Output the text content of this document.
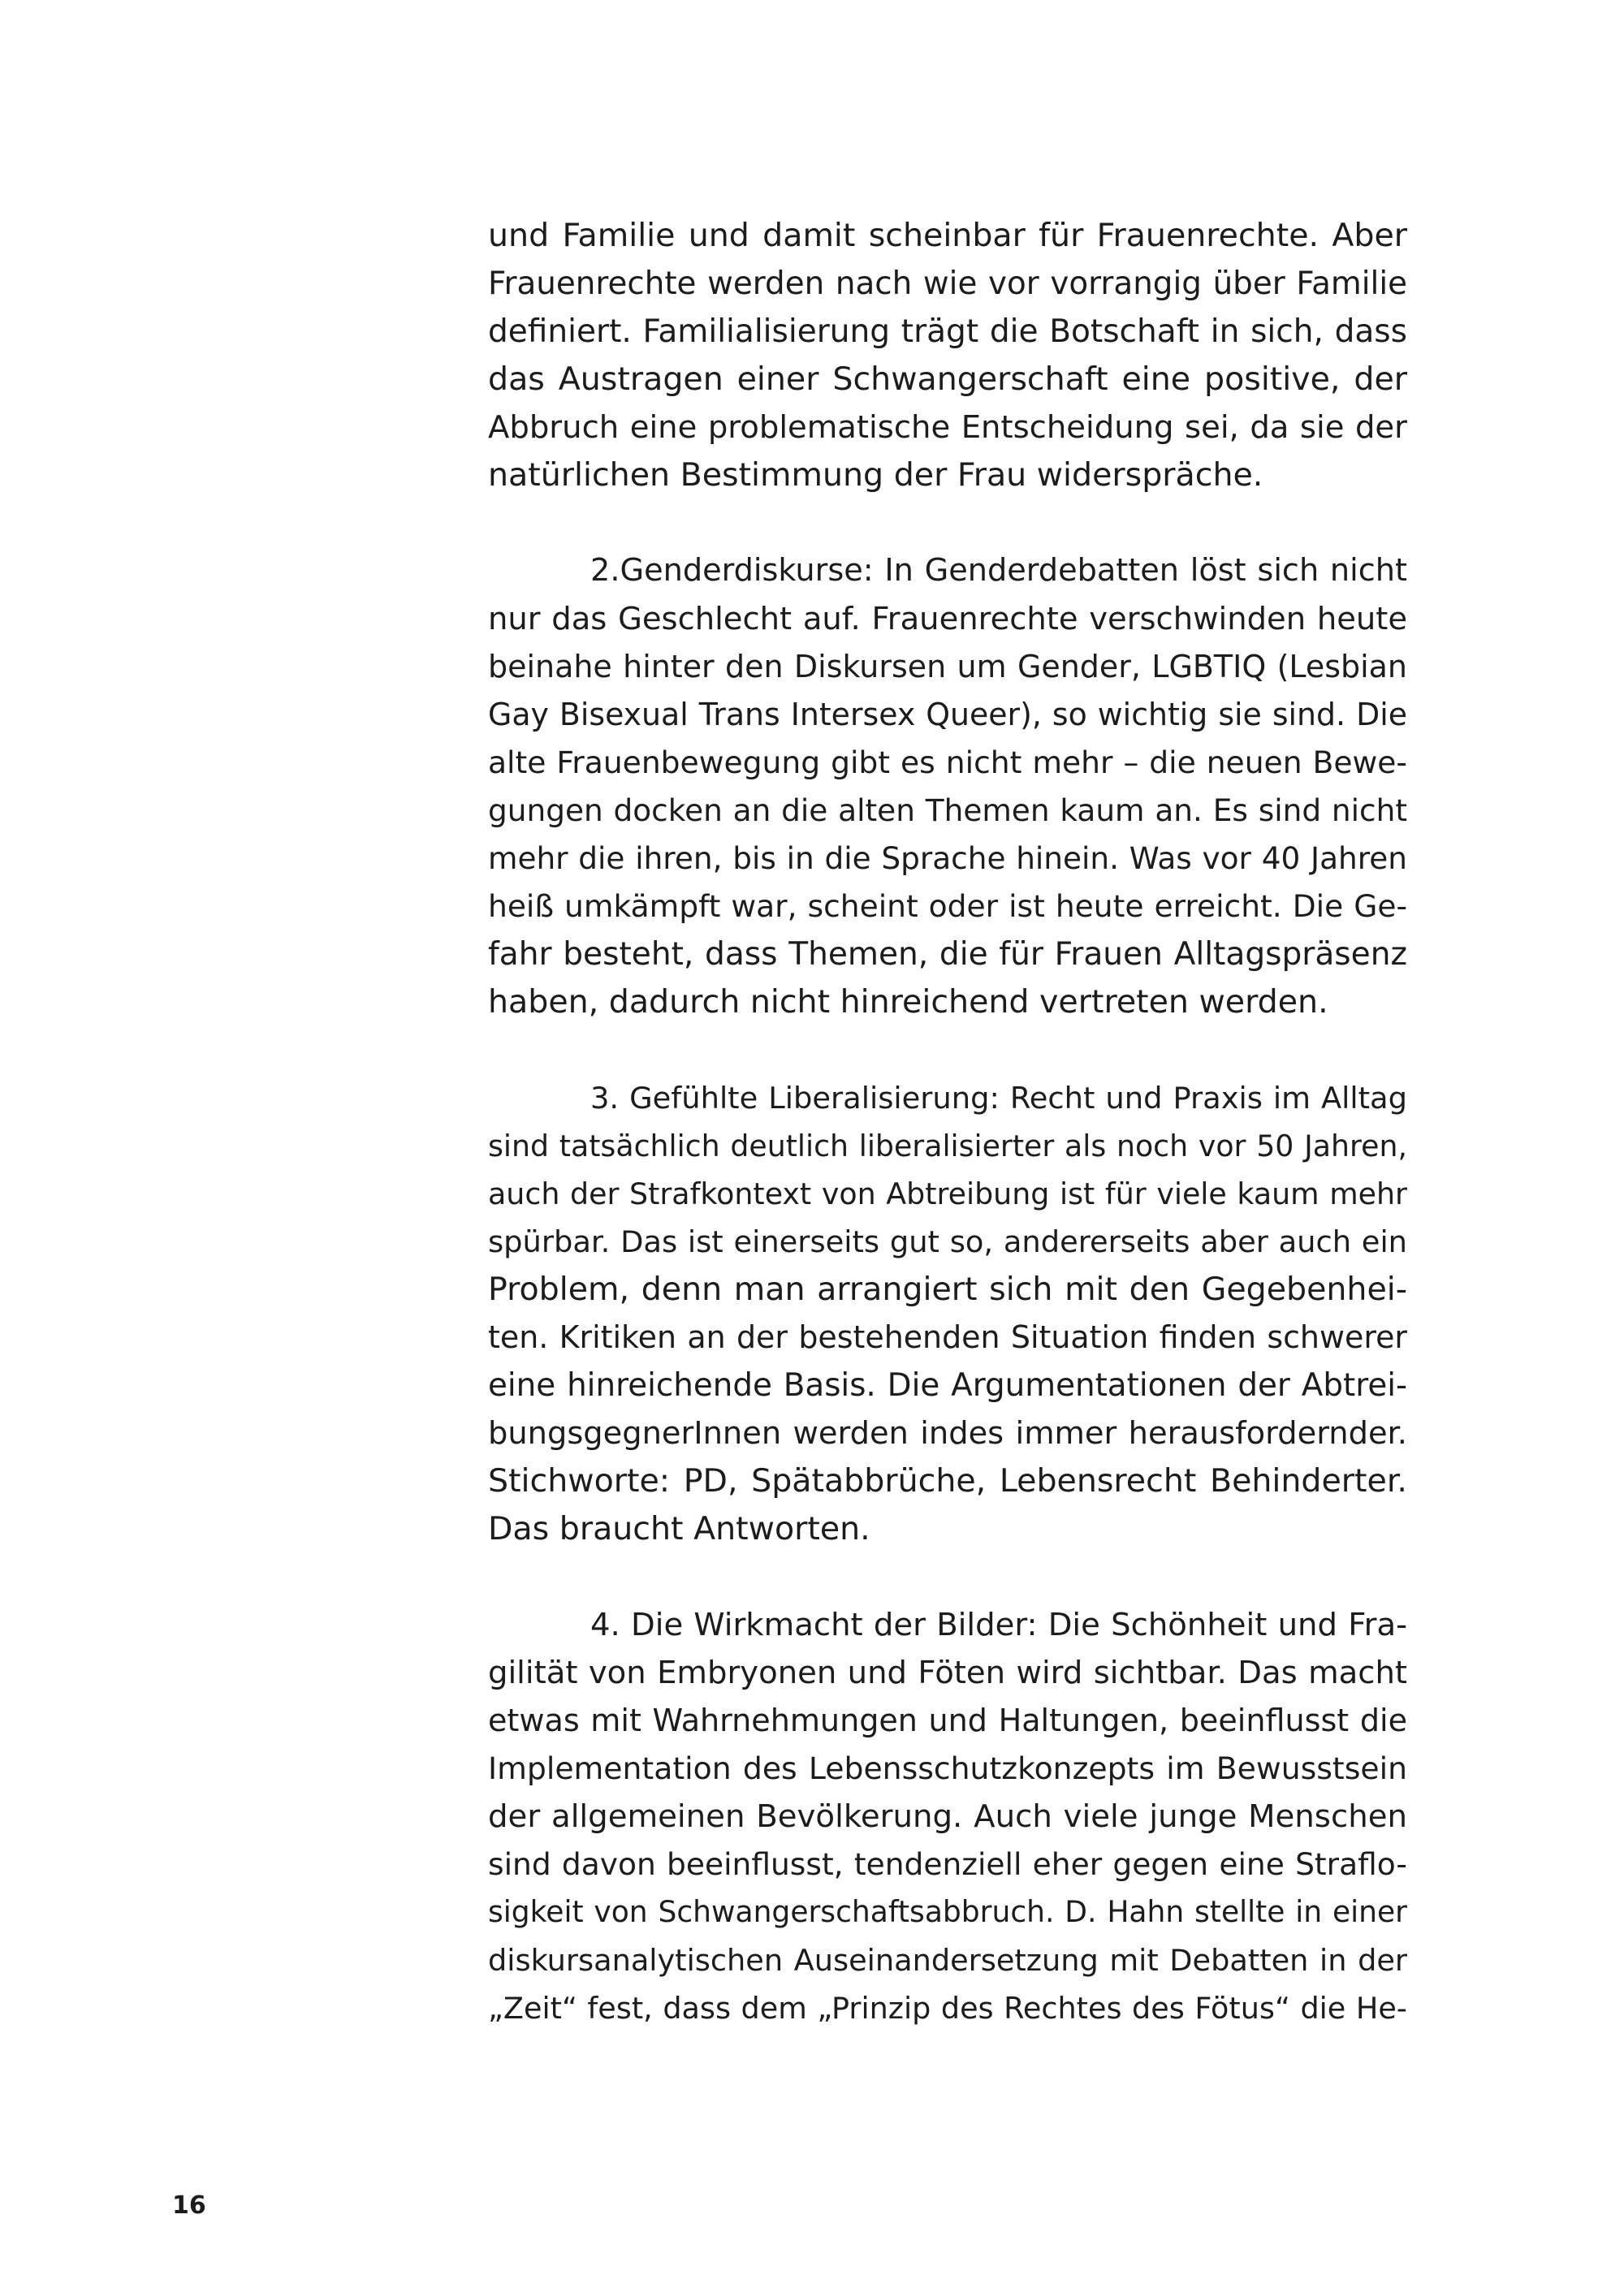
und Familie und damit scheinbar für Frauenrechte. Aber
Frauenrechte werden nach wie vor vorrangig über Familie
definiert. Familialisierung trägt die Botschaft in sich, dass
das Austragen einer Schwangerschaft eine positive, der
Abbruch eine problematische Entscheidung sei, da sie der
natürlichen Bestimmung der Frau widerspräche.
2.Genderdiskurse: In Genderdebatten löst sich nicht
nur das Geschlecht auf. Frauenrechte verschwinden heute
beinahe hinter den Diskursen um Gender, LGBTIQ (Lesbian
Gay Bisexual Trans Intersex Queer), so wichtig sie sind. Die
alte Frauenbewegung gibt es nicht mehr – die neuen Bewe-
gungen docken an die alten Themen kaum an. Es sind nicht
mehr die ihren, bis in die Sprache hinein. Was vor 40 Jahren
heiß umkämpft war, scheint oder ist heute erreicht. Die Ge-
fahr besteht, dass Themen, die für Frauen Alltagspräsenz
haben, dadurch nicht hinreichend vertreten werden.
3. Gefühlte Liberalisierung: Recht und Praxis im Alltag
sind tatsächlich deutlich liberalisierter als noch vor 50 Jahren,
auch der Strafkontext von Abtreibung ist für viele kaum mehr
spürbar. Das ist einerseits gut so, andererseits aber auch ein
Problem, denn man arrangiert sich mit den Gegebenhei-
ten. Kritiken an der bestehenden Situation finden schwerer
eine hinreichende Basis. Die Argumentationen der Abtrei-
bungsgegnerInnen werden indes immer herausfordernder.
Stichworte: PD, Spätabbrüche, Lebensrecht Behinderter.
Das braucht Antworten.
4. Die Wirkmacht der Bilder: Die Schönheit und Fra-
gilität von Embryonen und Föten wird sichtbar. Das macht
etwas mit Wahrnehmungen und Haltungen, beeinflusst die
Implementation des Lebensschutzkonzepts im Bewusstsein
der allgemeinen Bevölkerung. Auch viele junge Menschen
sind davon beeinflusst, tendenziell eher gegen eine Straflo-
sigkeit von Schwangerschaftsabbruch. D. Hahn stellte in einer
diskursanalytischen Auseinandersetzung mit Debatten in der
„Zeit“ fest, dass dem „Prinzip des Rechtes des Fötus“ die He-
16
